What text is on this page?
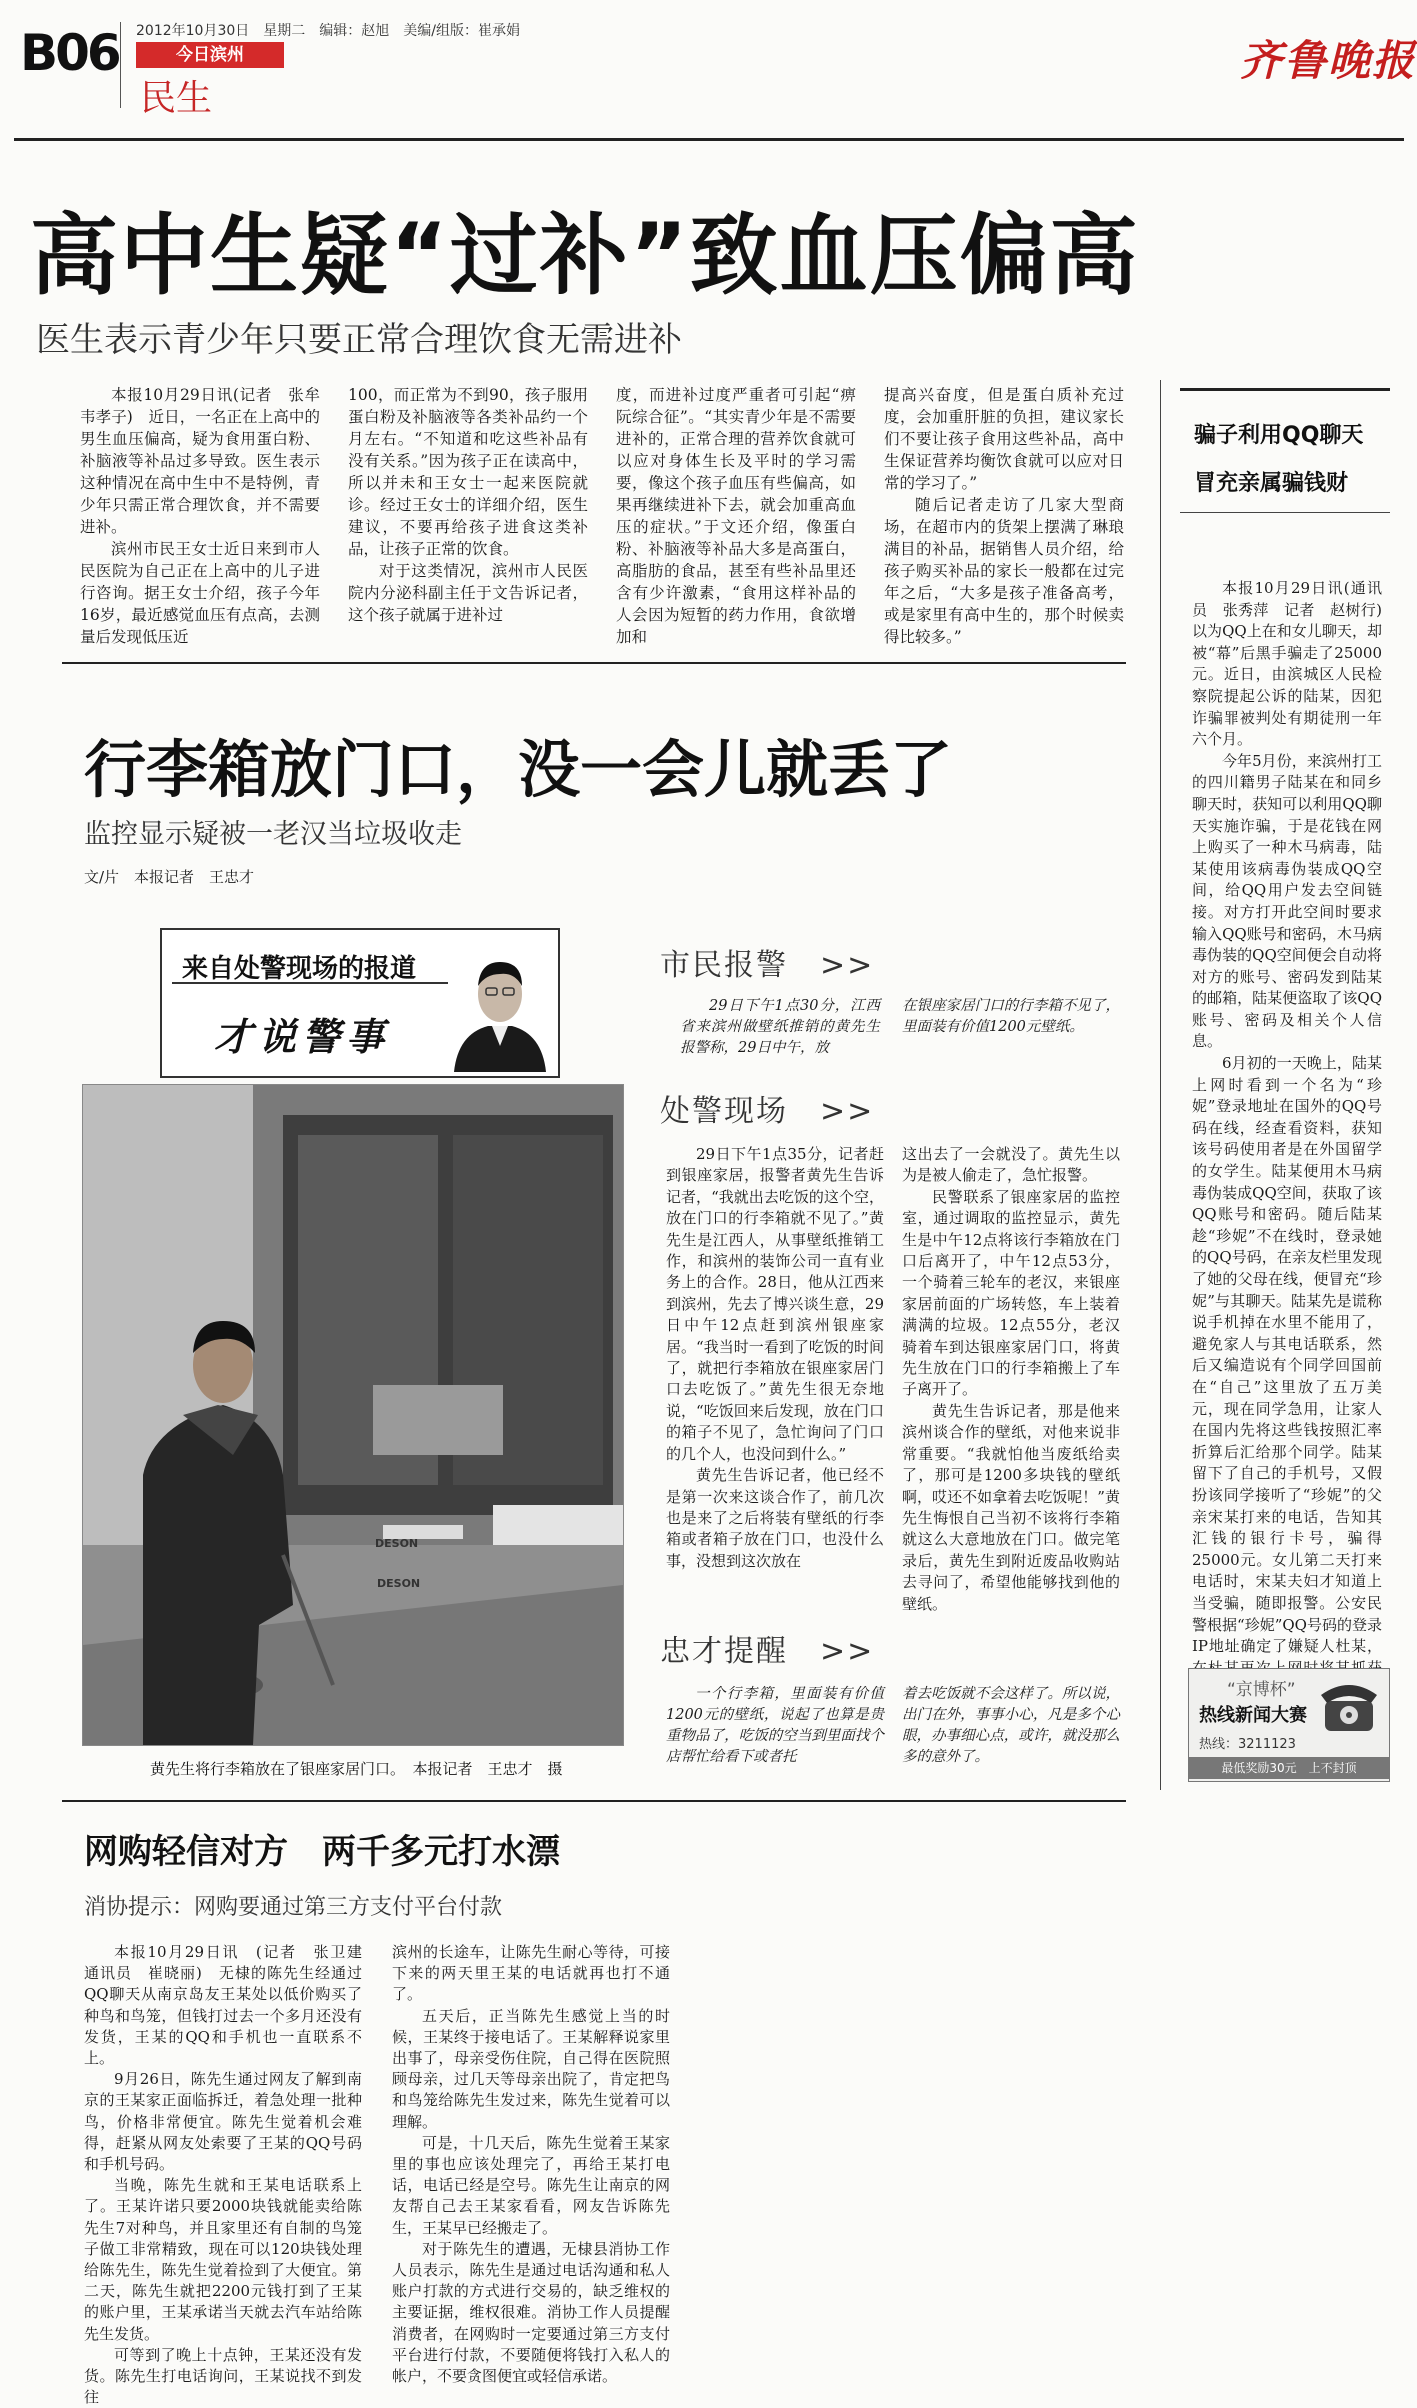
B06 2012年10月30日　星期二　编辑：赵旭　美编/组版：崔承娟
今日滨州
民生
齐鲁晚报
高中生疑“过补”致血压偏高
医生表示青少年只要正常合理饮食无需进补

本报10月29日讯(记者　张牟韦孝子)　近日，一名正在上高中的男生血压偏高，疑为食用蛋白粉、补脑液等补品过多导致。医生表示这种情况在高中生中不是特例，青少年只需正常合理饮食，并不需要进补。

滨州市民王女士近日来到市人民医院为自己正在上高中的儿子进行咨询。据王女士介绍，孩子今年16岁，最近感觉血压有点高，去测量后发现低压近

100，而正常为不到90，孩子服用蛋白粉及补脑液等各类补品约一个月左右。“不知道和吃这些补品有没有关系。”因为孩子正在读高中，所以并未和王女士一起来医院就诊。经过王女士的详细介绍，医生建议，不要再给孩子进食这类补品，让孩子正常的饮食。

对于这类情况，滨州市人民医院内分泌科副主任于文告诉记者，这个孩子就属于进补过

度，而进补过度严重者可引起“痹阮综合征”。“其实青少年是不需要进补的，正常合理的营养饮食就可以应对身体生长及平时的学习需要，像这个孩子血压有些偏高，如果再继续进补下去，就会加重高血压的症状。”于文还介绍，像蛋白粉、补脑液等补品大多是高蛋白，高脂肪的食品，甚至有些补品里还含有少许激素，“食用这样补品的人会因为短暂的药力作用，食欲增加和

提高兴奋度，但是蛋白质补充过度，会加重肝脏的负担，建议家长们不要让孩子食用这些补品，高中生保证营养均衡饮食就可以应对日常的学习了。”

随后记者走访了几家大型商场，在超市内的货架上摆满了琳琅满目的补品，据销售人员介绍，给孩子购买补品的家长一般都在过完年之后，“大多是孩子准备高考，或是家里有高中生的，那个时候卖得比较多。”

骗子利用QQ聊天
冒充亲属骗钱财

本报10月29日讯(通讯员　张秀萍　记者　赵树行)　以为QQ上在和女儿聊天，却被“幕”后黑手骗走了25000元。近日，由滨城区人民检察院提起公诉的陆某，因犯诈骗罪被判处有期徒刑一年六个月。

今年5月份，来滨州打工的四川籍男子陆某在和同乡聊天时，获知可以利用QQ聊天实施诈骗，于是花钱在网上购买了一种木马病毒，陆某使用该病毒伪装成QQ空间，给QQ用户发去空间链接。对方打开此空间时要求输入QQ账号和密码，木马病毒伪装的QQ空间便会自动将对方的账号、密码发到陆某的邮箱，陆某便盗取了该QQ账号、密码及相关个人信息。

6月初的一天晚上，陆某上网时看到一个名为“珍妮”登录地址在国外的QQ号码在线，经查看资料，获知该号码使用者是在外国留学的女学生。陆某便用木马病毒伪装成QQ空间，获取了该QQ账号和密码。随后陆某趁“珍妮”不在线时，登录她的QQ号码，在亲友栏里发现了她的父母在线，便冒充“珍妮”与其聊天。陆某先是谎称说手机掉在水里不能用了，避免家人与其电话联系，然后又编造说有个同学回国前在“自己”这里放了五万美元，现在同学急用，让家人在国内先将这些钱按照汇率折算后汇给那个同学。陆某留下了自己的手机号，又假扮该同学接听了“珍妮”的父亲宋某打来的电话，告知其汇钱的银行卡号，骗得25000元。女儿第二天打来电话时，宋某夫妇才知道上当受骗，随即报警。公安民警根据“珍妮”QQ号码的登录IP地址确定了嫌疑人杜某，

“京博杯”
热线新闻大赛
热线：3211123
最低奖励30元　上不封顶
行李箱放门口，没一会儿就丢了
监控显示疑被一老汉当垃圾收走
文/片　本报记者　王忠才
来自处警现场的报道
才说警事
DESON
DESON
黄先生将行李箱放在了银座家居门口。　本报记者　王忠才　摄
市民报警　>>
29日下午1点30分，江西省来滨州做壁纸推销的黄先生报警称，29日中午，放
在银座家居门口的行李箱不见了，里面装有价值1200元壁纸。
处警现场　>>

29日下午1点35分，记者赶到银座家居，报警者黄先生告诉记者，“我就出去吃饭的这个空，放在门口的行李箱就不见了。”黄先生是江西人，从事壁纸推销工作，和滨州的装饰公司一直有业务上的合作。28日，他从江西来到滨州，先去了博兴谈生意，29日中午12点赶到滨州银座家居。“我当时一看到了吃饭的时间了，就把行李箱放在银座家居门口去吃饭了。”黄先生很无奈地说，“吃饭回来后发现，放在门口的箱子不见了，急忙询问了门口的几个人，也没问到什么。”

黄先生告诉记者，他已经不是第一次来这谈合作了，前几次也是来了之后将装有壁纸的行李箱或者箱子放在门口，也没什么事，没想到这次放在

这出去了一会就没了。黄先生以为是被人偷走了，急忙报警。

民警联系了银座家居的监控室，通过调取的监控显示，黄先生是中午12点将该行李箱放在门口后离开了，中午12点53分，一个骑着三轮车的老汉，来银座家居前面的广场转悠，车上装着满满的垃圾。12点55分，老汉骑着车到达银座家居门口，将黄先生放在门口的行李箱搬上了车子离开了。

黄先生告诉记者，那是他来滨州谈合作的壁纸，对他来说非常重要。“我就怕他当废纸给卖了，那可是1200多块钱的壁纸啊，哎还不如拿着去吃饭呢！”黄先生悔恨自己当初不该将行李箱就这么大意地放在门口。做完笔录后，黄先生到附近废品收购站去寻问了，希望他能够找到他的壁纸。

忠才提醒　>>
一个行李箱，里面装有价值1200元的壁纸，说起了也算是贵重物品了，吃饭的空当到里面找个店帮忙给看下或者托
着去吃饭就不会这样了。所以说，出门在外，事事小心，凡是多个心眼，办事细心点，或许，就没那么多的意外了。
网购轻信对方　两千多元打水漂
消协提示：网购要通过第三方支付平台付款

本报10月29日讯　(记者　张卫建　通讯员　崔晓丽)　无棣的陈先生经通过QQ聊天从南京岛友王某处以低价购买了种鸟和鸟笼，但钱打过去一个多月还没有发货，王某的QQ和手机也一直联系不上。

9月26日，陈先生通过网友了解到南京的王某家正面临拆迁，着急处理一批种鸟，价格非常便宜。陈先生觉着机会难得，赶紧从网友处索要了王某的QQ号码和手机号码。

当晚，陈先生就和王某电话联系上了。王某许诺只要2000块钱就能卖给陈先生7对种鸟，并且家里还有自制的鸟笼子做工非常精致，现在可以120块钱处理给陈先生，陈先生觉着捡到了大便宜。第二天，陈先生就把2200元钱打到了王某的账户里，王某承诺当天就去汽车站给陈先生发货。

可等到了晚上十点钟，王某还没有发货。陈先生打电话询问，王某说找不到发往

滨州的长途车，让陈先生耐心等待，可接下来的两天里王某的电话就再也打不通了。

五天后，正当陈先生感觉上当的时候，王某终于接电话了。王某解释说家里出事了，母亲受伤住院，自己得在医院照顾母亲，过几天等母亲出院了，肯定把鸟和鸟笼给陈先生发过来，陈先生觉着可以理解。

可是，十几天后，陈先生觉着王某家里的事也应该处理完了，再给王某打电话，电话已经是空号。陈先生让南京的网友帮自己去王某家看看，网友告诉陈先生，王某早已经搬走了。

对于陈先生的遭遇，无棣县消协工作人员表示，陈先生是通过电话沟通和私人账户打款的方式进行交易的，缺乏维权的主要证据，维权很难。消协工作人员提醒消费者，在网购时一定要通过第三方支付平台进行付款，不要随便将钱打入私人的帐户，不要贪图便宜或轻信承诺。
